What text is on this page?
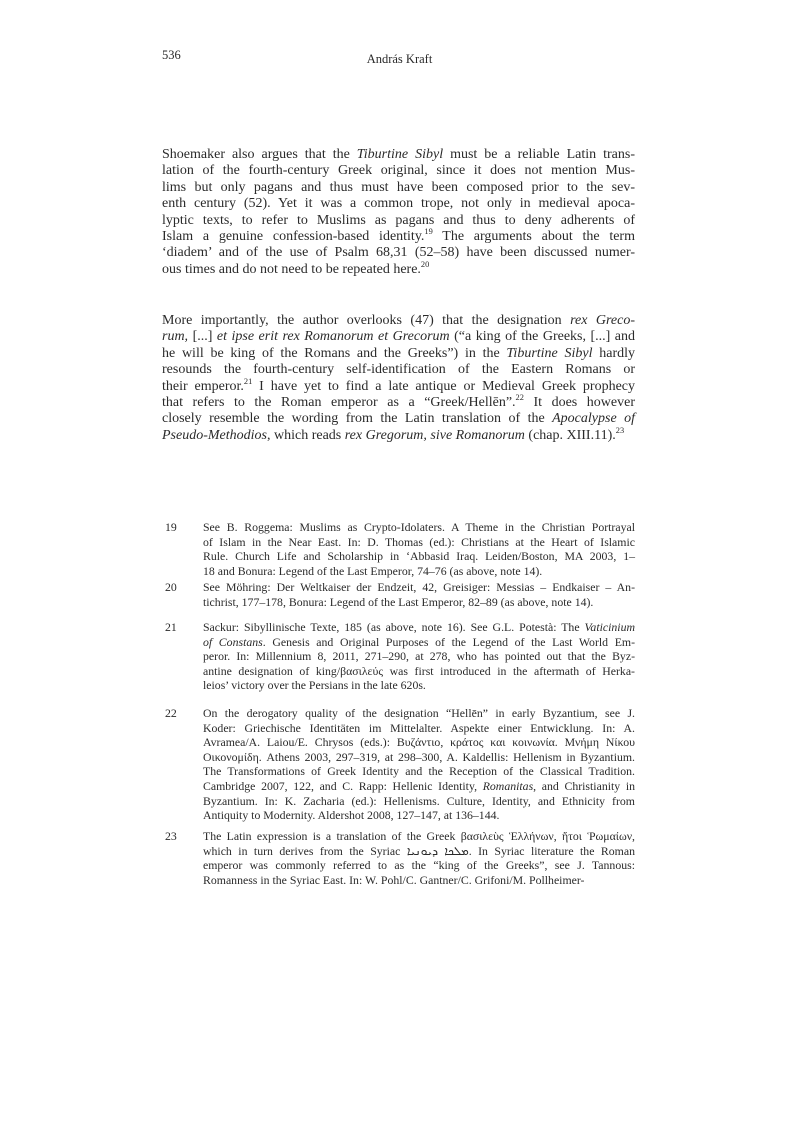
536	András Kraft
Shoemaker also argues that the Tiburtine Sibyl must be a reliable Latin trans-
lation of the fourth-century Greek original, since it does not mention Mus-
lims but only pagans and thus must have been composed prior to the sev-
enth century (52). Yet it was a common trope, not only in medieval apoca-
lyptic texts, to refer to Muslims as pagans and thus to deny adherents of
Islam a genuine confession-based identity.$^{19}$ The arguments about the term
‘diadem’ and of the use of Psalm 68,31 (52–58) have been discussed numer-
ous times and do not need to be repeated here.$^{20}$
More importantly, the author overlooks (47) that the designation rex Greco-
rum, [...] et ipse erit rex Romanorum et Grecorum (“a king of the Greeks, [...] and
he will be king of the Romans and the Greeks”) in the Tiburtine Sibyl hardly
resounds the fourth-century self-identification of the Eastern Romans or
their emperor.$^{21}$ I have yet to find a late antique or Medieval Greek prophecy
that refers to the Roman emperor as a “Greek/Hellēn”.$^{22}$ It does however
closely resemble the wording from the Latin translation of the Apocalypse of
Pseudo-Methodios, which reads rex Gregorum, sive Romanorum (chap. XIII.11).$^{23}$
19 See B. Roggema: Muslims as Crypto-Idolaters. A Theme in the Christian Portrayal
of Islam in the Near East. In: D. Thomas (ed.): Christians at the Heart of Islamic
Rule. Church Life and Scholarship in ‘Abbasid Iraq. Leiden/Boston, MA 2003, 1–
18 and Bonura: Legend of the Last Emperor, 74–76 (as above, note 14).
20 See Möhring: Der Weltkaiser der Endzeit, 42, Greisiger: Messias – Endkaiser – An-
tichrist, 177–178, Bonura: Legend of the Last Emperor, 82–89 (as above, note 14).
21 Sackur: Sibyllinische Texte, 185 (as above, note 16). See G.L. Potestà: The Vaticinium
of Constans. Genesis and Original Purposes of the Legend of the Last World Em-
peror. In: Millennium 8, 2011, 271–290, at 278, who has pointed out that the Byz-
antine designation of king/βασιλεύς was first introduced in the aftermath of Herka-
leios’ victory over the Persians in the late 620s.
22 On the derogatory quality of the designation “Hellēn” in early Byzantium, see J.
Koder: Griechische Identitäten im Mittelalter. Aspekte einer Entwicklung. In: A.
Avramea/A. Laiou/E. Chrysos (eds.): Βυζάντιο, κράτος και κοινωνία. Μνήμη Νίκου
Οικονομίδη. Athens 2003, 297–319, at 298–300, A. Kaldellis: Hellenism in Byzantium.
The Transformations of Greek Identity and the Reception of the Classical Tradition.
Cambridge 2007, 122, and C. Rapp: Hellenic Identity, Romanitas, and Christianity in
Byzantium. In: K. Zacharia (ed.): Hellenisms. Culture, Identity, and Ethnicity from
Antiquity to Modernity. Aldershot 2008, 127–147, at 136–144.
23 The Latin expression is a translation of the Greek βασιλεὺς Ἑλλήνων, ἤτοι Ῥωμαίων,
which in turn derives from the Syriac ܡܠܟܐ ܕܝܘܢܝܐ. In Syriac literature the Roman
emperor was commonly referred to as the “king of the Greeks”, see J. Tannous:
Romanness in the Syriac East. In: W. Pohl/C. Gantner/C. Grifoni/M. Pollheimer-
